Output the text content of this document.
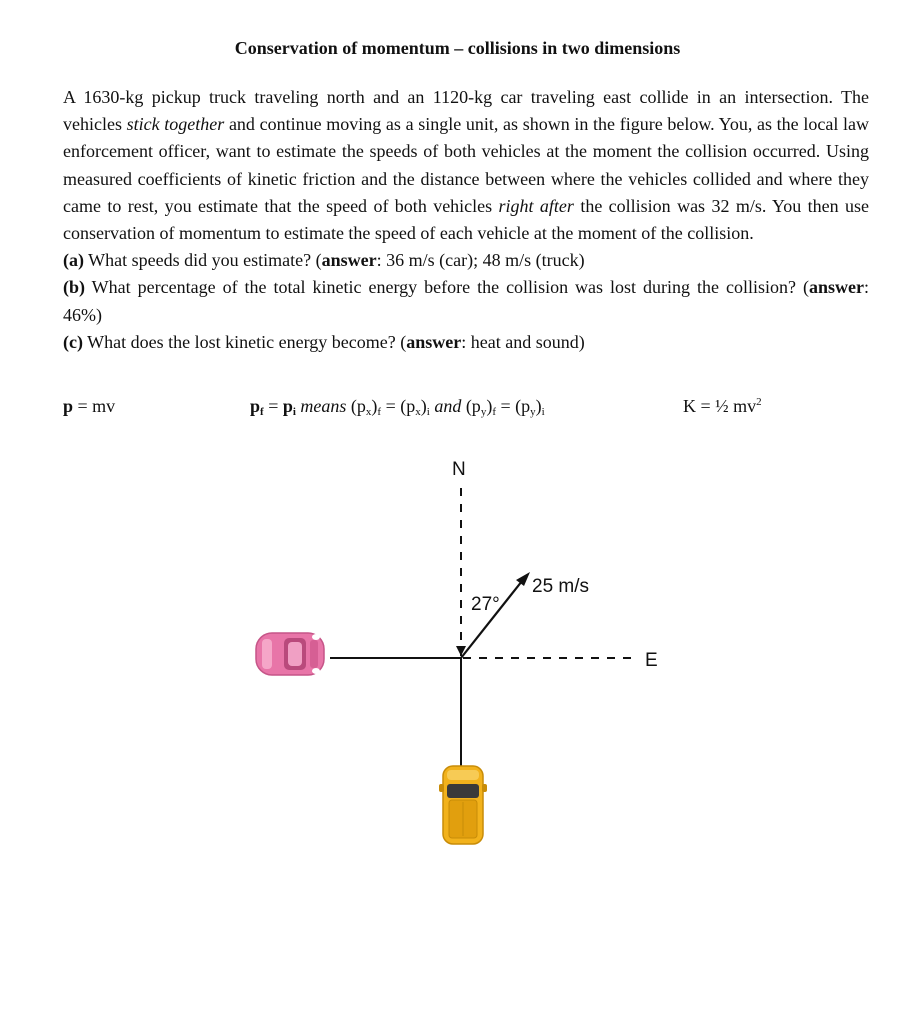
Conservation of momentum – collisions in two dimensions

A 1630-kg pickup truck traveling north and an 1120-kg car traveling east collide in an intersection. The vehicles stick together and continue moving as a single unit, as shown in the figure below. You, as the local law enforcement officer, want to estimate the speeds of both vehicles at the moment the collision occurred. Using measured coefficients of kinetic friction and the distance between where the vehicles collided and where they came to rest, you estimate that the speed of both vehicles right after the collision was 32 m/s. You then use conservation of momentum to estimate the speed of each vehicle at the moment of the collision.

(a) What speeds did you estimate? (answer: 36 m/s (car); 48 m/s (truck)

(b) What percentage of the total kinetic energy before the collision was lost during the collision? (answer: 46%)

(c) What does the lost kinetic energy become? (answer: heat and sound)

p = mv	$p_f = p_i$ means $(p_x)_f = (p_x)_i$ and $(p_y)_f = (p_y)_i$	K = ½ $mv^2$
N
E
27°
25 m/s
